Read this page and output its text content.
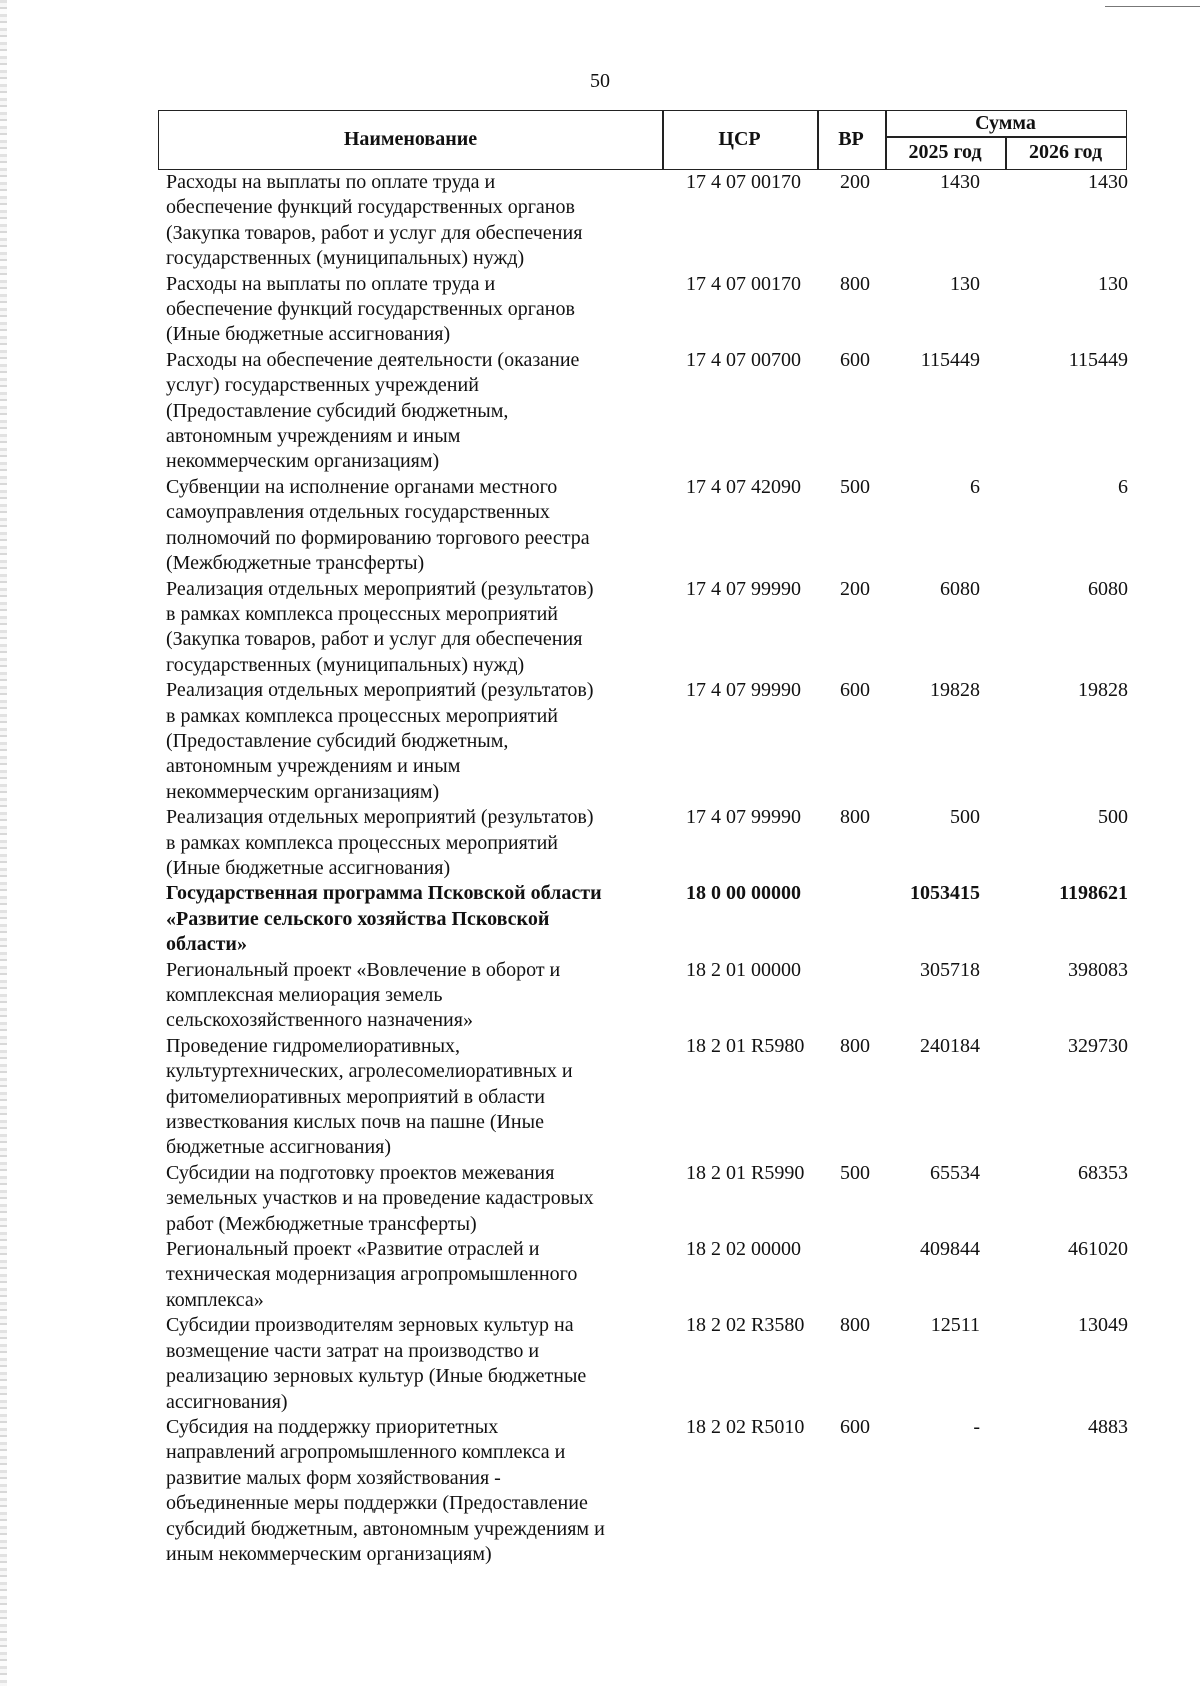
50
Наименование	ЦСР	ВР
Сумма
2025 год	2026 год
Расходы на выплаты по оплате труда и
обеспечение функций государственных органов
(Закупка товаров, работ и услуг для обеспечения
государственных (муниципальных) нужд)
17 4 07 00170 200	1430	1430
Расходы на выплаты по оплате труда и
обеспечение функций государственных органов
(Иные бюджетные ассигнования)
17 4 07 00170 800	130	130
Расходы на обеспечение деятельности (оказание
услуг) государственных учреждений
(Предоставление субсидий бюджетным,
автономным учреждениям и иным
некоммерческим организациям)
17 4 07 00700 600	115449	115449
Субвенции на исполнение органами местного
самоуправления отдельных государственных
полномочий по формированию торгового реестра
(Межбюджетные трансферты)
17 4 07 42090 500	6	6
Реализация отдельных мероприятий (результатов)
в рамках комплекса процессных мероприятий
(Закупка товаров, работ и услуг для обеспечения
государственных (муниципальных) нужд)
17 4 07 99990 200	6080	6080
Реализация отдельных мероприятий (результатов)
в рамках комплекса процессных мероприятий
(Предоставление субсидий бюджетным,
автономным учреждениям и иным
некоммерческим организациям)
17 4 07 99990 600	19828	19828
Реализация отдельных мероприятий (результатов)
в рамках комплекса процессных мероприятий
(Иные бюджетные ассигнования)
17 4 07 99990 800	500	500
Государственная программа Псковской области
«Развитие сельского хозяйства Псковской
области»
18 0 00 00000	1053415	1198621
Региональный проект «Вовлечение в оборот и
комплексная мелиорация земель
сельскохозяйственного назначения»
18 2 01 00000	305718	398083
Проведение гидромелиоративных,
культуртехнических, агролесомелиоративных и
фитомелиоративных мероприятий в области
известкования кислых почв на пашне (Иные
бюджетные ассигнования)
18 2 01 R5980 800	240184	329730
Субсидии на подготовку проектов межевания
земельных участков и на проведение кадастровых
работ (Межбюджетные трансферты)
18 2 01 R5990 500	65534	68353
Региональный проект «Развитие отраслей и
техническая модернизация агропромышленного
комплекса»
18 2 02 00000	409844	461020
Субсидии производителям зерновых культур на
возмещение части затрат на производство и
реализацию зерновых культур (Иные бюджетные
ассигнования)
18 2 02 R3580 800	12511	13049
Субсидия на поддержку приоритетных
направлений агропромышленного комплекса и
развитие малых форм хозяйствования -
объединенные меры поддержки (Предоставление
субсидий бюджетным, автономным учреждениям и
иным некоммерческим организациям)
18 2 02 R5010 600	-	4883
